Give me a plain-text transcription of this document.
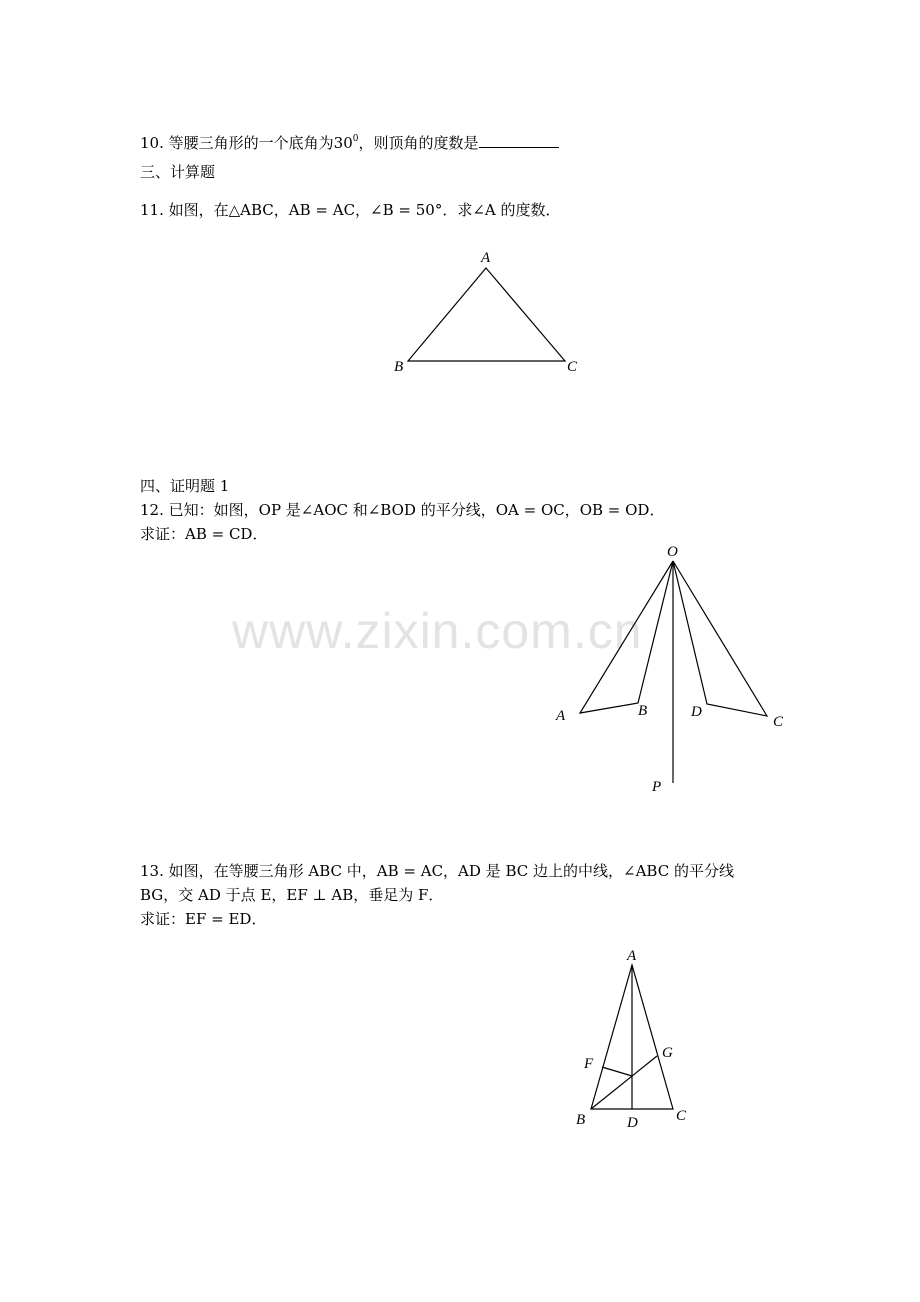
www.zixin.com.cn
10. 等腰三角形的一个底角为$30^0$，则顶角的度数是
三、计算题
11. 如图，在△ABC，AB = AC，∠B = 50°．求∠A 的度数．
A
B	C
O
A	B	D
C
P
A
F
G
B	D	C
四、证明题 1
12. 已知：如图，OP 是∠AOC 和∠BOD 的平分线，OA = OC，OB = OD．
求证：AB = CD．
13. 如图，在等腰三角形 ABC 中，AB = AC，AD 是 BC 边上的中线，∠ABC 的平分线
BG，交 AD 于点 E，EF ⊥ AB，垂足为 F．
求证：EF = ED．
